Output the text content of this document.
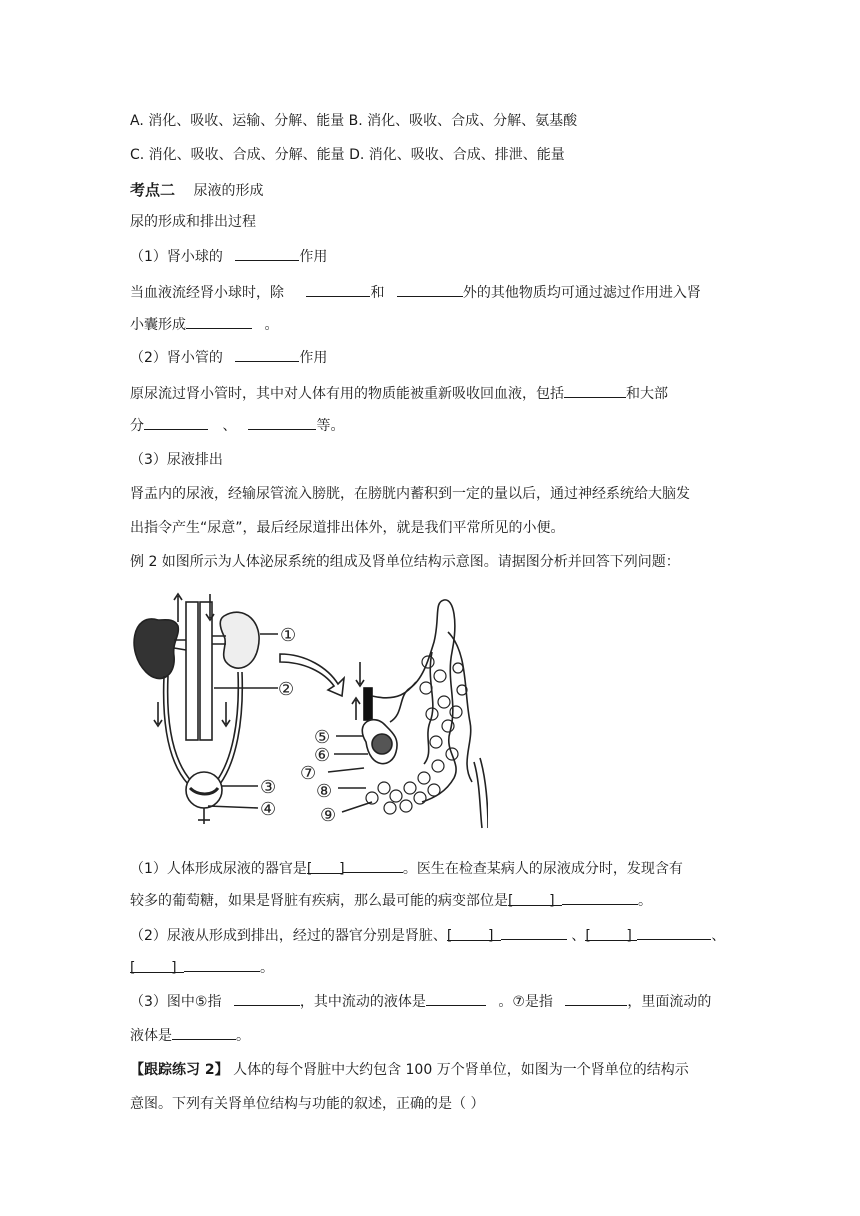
A. 消化、吸收、运输、分解、能量 B. 消化、吸收、合成、分解、氨基酸
C. 消化、吸收、合成、分解、能量 D. 消化、吸收、合成、排泄、能量
考点二 尿液的形成
尿的形成和排出过程
（1）肾小球的	作用
当血液流经肾小球时，除	和	外的其他物质均可通过滤过作用进入肾
小囊形成	。
（2）肾小管的	作用
原尿流过肾小管时，其中对人体有用的物质能被重新吸收回血液，包括	和大部
分	、	等。
（3）尿液排出
肾盂内的尿液，经输尿管流入膀胱，在膀胱内蓄积到一定的量以后，通过神经系统给大脑发
出指令产生“尿意”，最后经尿道排出体外，就是我们平常所见的小便。
例 2 如图所示为人体泌尿系统的组成及肾单位结构示意图。请据图分析并回答下列问题：
①
②
③
④
⑤
⑥
⑦
⑧
⑨
（1）人体形成尿液的器官是[      ]	。医生在检查某病人的尿液成分时，发现含有
较多的葡萄糖，如果是肾脏有疾病，那么最可能的病变部位是[        ]	。
（2）尿液从形成到排出，经过的器官分别是肾脏、[        ]	、[        ]	、
[        ]	。
（3）图中⑤指	，其中流动的液体是	。⑦是指	，里面流动的
液体是	。
【跟踪练习 2】 人体的每个肾脏中大约包含 100 万个肾单位，如图为一个肾单位的结构示
意图。下列有关肾单位结构与功能的叙述，正确的是（ ）
